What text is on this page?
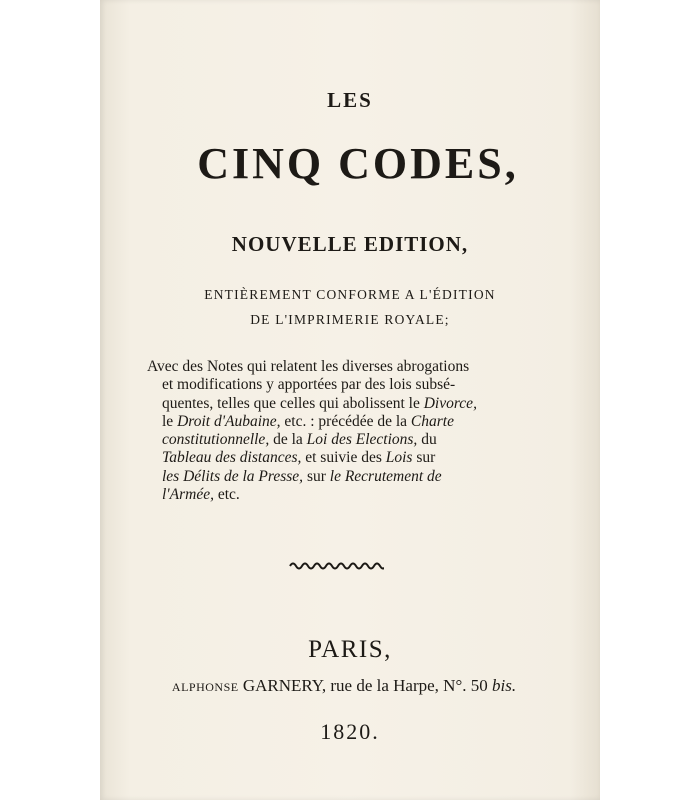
LES
CINQ CODES,
NOUVELLE EDITION,
ENTIÈREMENT CONFORME A L'ÉDITION
DE L'IMPRIMERIE ROYALE;
Avec des Notes qui relatent les diverses abrogations
et modifications y apportées par des lois subsé-
quentes, telles que celles qui abolissent le Divorce,
le Droit d'Aubaine, etc. : précédée de la Charte
constitutionnelle, de la Loi des Elections, du
Tableau des distances, et suivie des Lois sur
les Délits de la Presse, sur le Recrutement de
l'Armée, etc.
PARIS,
ALPHONSE GARNERY, rue de la Harpe, N°. 50 bis.
1820.
